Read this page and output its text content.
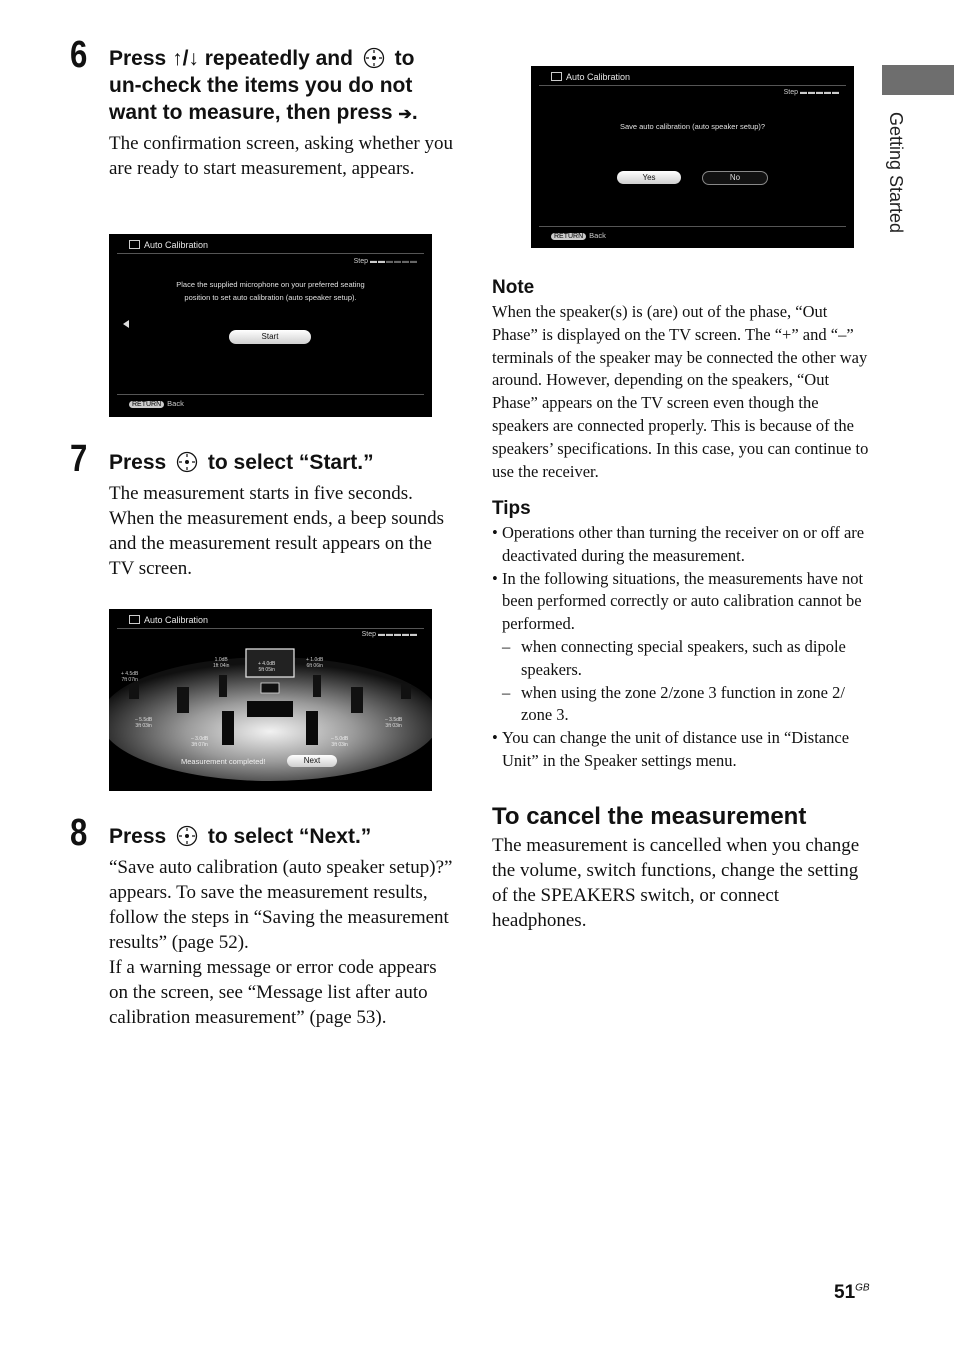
6 Press ↑/↓ repeatedly and  to
un-check the items you do not
want to measure, then press ➔.
The confirmation screen, asking whether you are ready to start measurement, appears.
Auto Calibration
Step ▬▬▬▬▬▬
Place the supplied microphone on your preferred seating
position to set auto calibration (auto speaker setup).
Start
RETURN Back
7 Press  to select “Start.”
The measurement starts in five seconds. When the measurement ends, a beep sounds and the measurement result appears on the TV screen.
Auto Calibration
Step ▬▬▬▬▬
+ 4.0dB
5ft 05in
1.0dB
1ft 04in
+ 1.0dB
6ft 06in
+ 4.5dB
7ft 07in
– 5.5dB
3ft 03in
– 3.0dB
3ft 07in
– 5.0dB
3ft 03in
– 3.5dB
3ft 03in
Measurement completed!	Next
8 Press  to select “Next.”
“Save auto calibration (auto speaker setup)?” appears. To save the measurement results, follow the steps in “Saving the measurement results” (page 52).
If a warning message or error code appears on the screen, see “Message list after auto calibration measurement” (page 53).
Auto Calibration
Step ▬▬▬▬▬
Save auto calibration (auto speaker setup)?
Yes	No
RETURN Back
Note
When the speaker(s) is (are) out of the phase, “Out Phase” is displayed on the TV screen. The “+” and “–” terminals of the speaker may be connected the other way around. However, depending on the speakers, “Out Phase” appears on the TV screen even though the speakers are connected properly. This is because of the speakers’ specifications. In this case, you can continue to use the receiver.
Tips
• Operations other than turning the receiver on or off are deactivated during the measurement.
• In the following situations, the measurements have not been performed correctly or auto calibration cannot be performed.
– when connecting special speakers, such as dipole speakers.
– when using the zone 2/zone 3 function in zone 2/ zone 3.
• You can change the unit of distance use in “Distance Unit” in the Speaker settings menu.
To cancel the measurement
The measurement is cancelled when you change the volume, switch functions, change the setting of the SPEAKERS switch, or connect headphones.
Getting Started
$51^{GB}$
